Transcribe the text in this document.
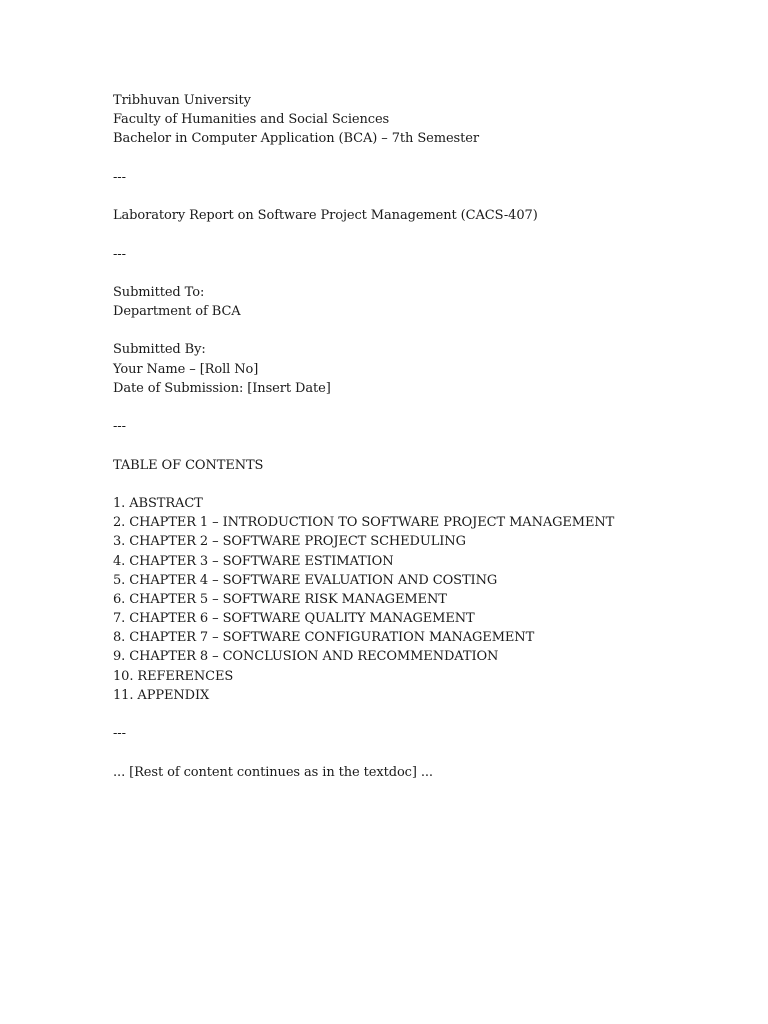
Tribhuvan University
Faculty of Humanities and Social Sciences
Bachelor in Computer Application (BCA) – 7th Semester
---
Laboratory Report on Software Project Management (CACS-407)
---
Submitted To:
Department of BCA
Submitted By:
Your Name – [Roll No]
Date of Submission: [Insert Date]
---
TABLE OF CONTENTS
1. ABSTRACT
2. CHAPTER 1 – INTRODUCTION TO SOFTWARE PROJECT MANAGEMENT
3. CHAPTER 2 – SOFTWARE PROJECT SCHEDULING
4. CHAPTER 3 – SOFTWARE ESTIMATION
5. CHAPTER 4 – SOFTWARE EVALUATION AND COSTING
6. CHAPTER 5 – SOFTWARE RISK MANAGEMENT
7. CHAPTER 6 – SOFTWARE QUALITY MANAGEMENT
8. CHAPTER 7 – SOFTWARE CONFIGURATION MANAGEMENT
9. CHAPTER 8 – CONCLUSION AND RECOMMENDATION
10. REFERENCES
11. APPENDIX
---
... [Rest of content continues as in the textdoc] ...
